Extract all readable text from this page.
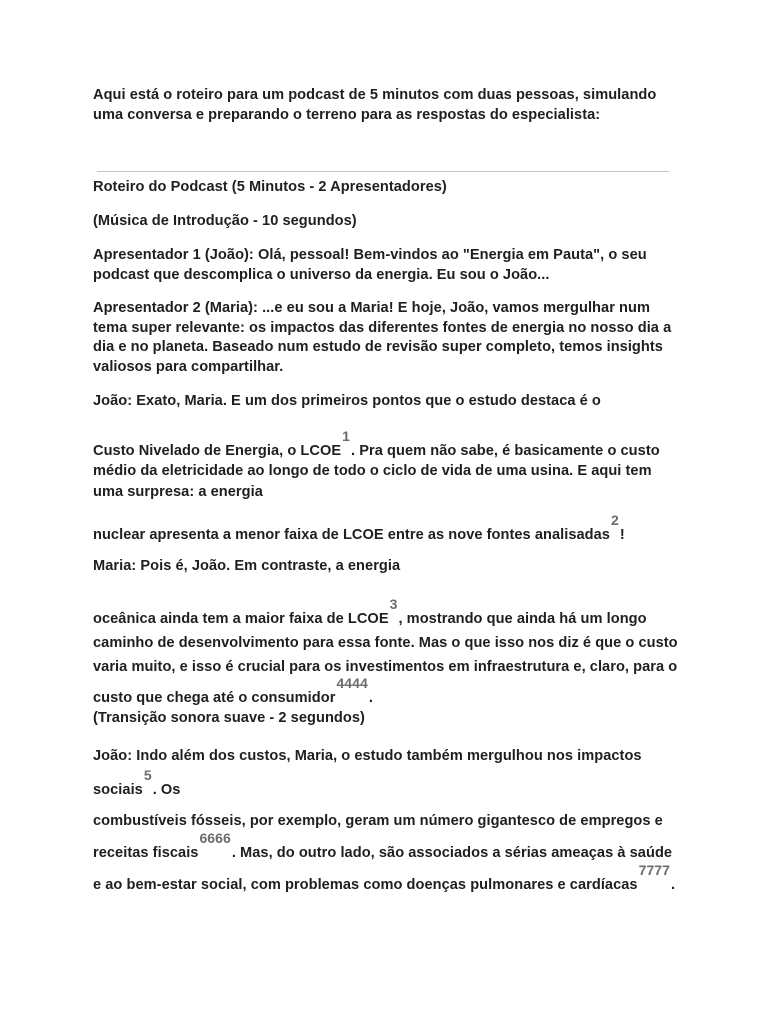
Aqui está o roteiro para um podcast de 5 minutos com duas pessoas, simulando uma conversa e preparando o terreno para as respostas do especialista:

Roteiro do Podcast (5 Minutos - 2 Apresentadores)

(Música de Introdução - 10 segundos)

Apresentador 1 (João): Olá, pessoal! Bem-vindos ao "Energia em Pauta", o seu podcast que descomplica o universo da energia. Eu sou o João...

Apresentador 2 (Maria): ...e eu sou a Maria! E hoje, João, vamos mergulhar num tema super relevante: os impactos das diferentes fontes de energia no nosso dia a dia e no planeta. Baseado num estudo de revisão super completo, temos insights valiosos para compartilhar.

João: Exato, Maria. E um dos primeiros pontos que o estudo destaca é o

Custo Nivelado de Energia, o LCOE$^1$. Pra quem não sabe, é basicamente o custo médio da eletricidade ao longo de todo o ciclo de vida de uma usina. E aqui tem uma surpresa: a energia

nuclear apresenta a menor faixa de LCOE entre as nove fontes analisadas$^2$!

Maria: Pois é, João. Em contraste, a energia

oceânica ainda tem a maior faixa de LCOE$^3$, mostrando que ainda há um longo caminho de desenvolvimento para essa fonte. Mas o que isso nos diz é que o custo varia muito, e isso é crucial para os investimentos em infraestrutura e, claro, para o custo que chega até o consumidor$^{4444}$.

(Transição sonora suave - 2 segundos)

João: Indo além dos custos, Maria, o estudo também mergulhou nos impactos sociais$^5$. Os

combustíveis fósseis, por exemplo, geram um número gigantesco de empregos e receitas fiscais$^{6666}$. Mas, do outro lado, são associados a sérias ameaças à saúde e ao bem-estar social, com problemas como doenças pulmonares e cardíacas$^{7777}$.
